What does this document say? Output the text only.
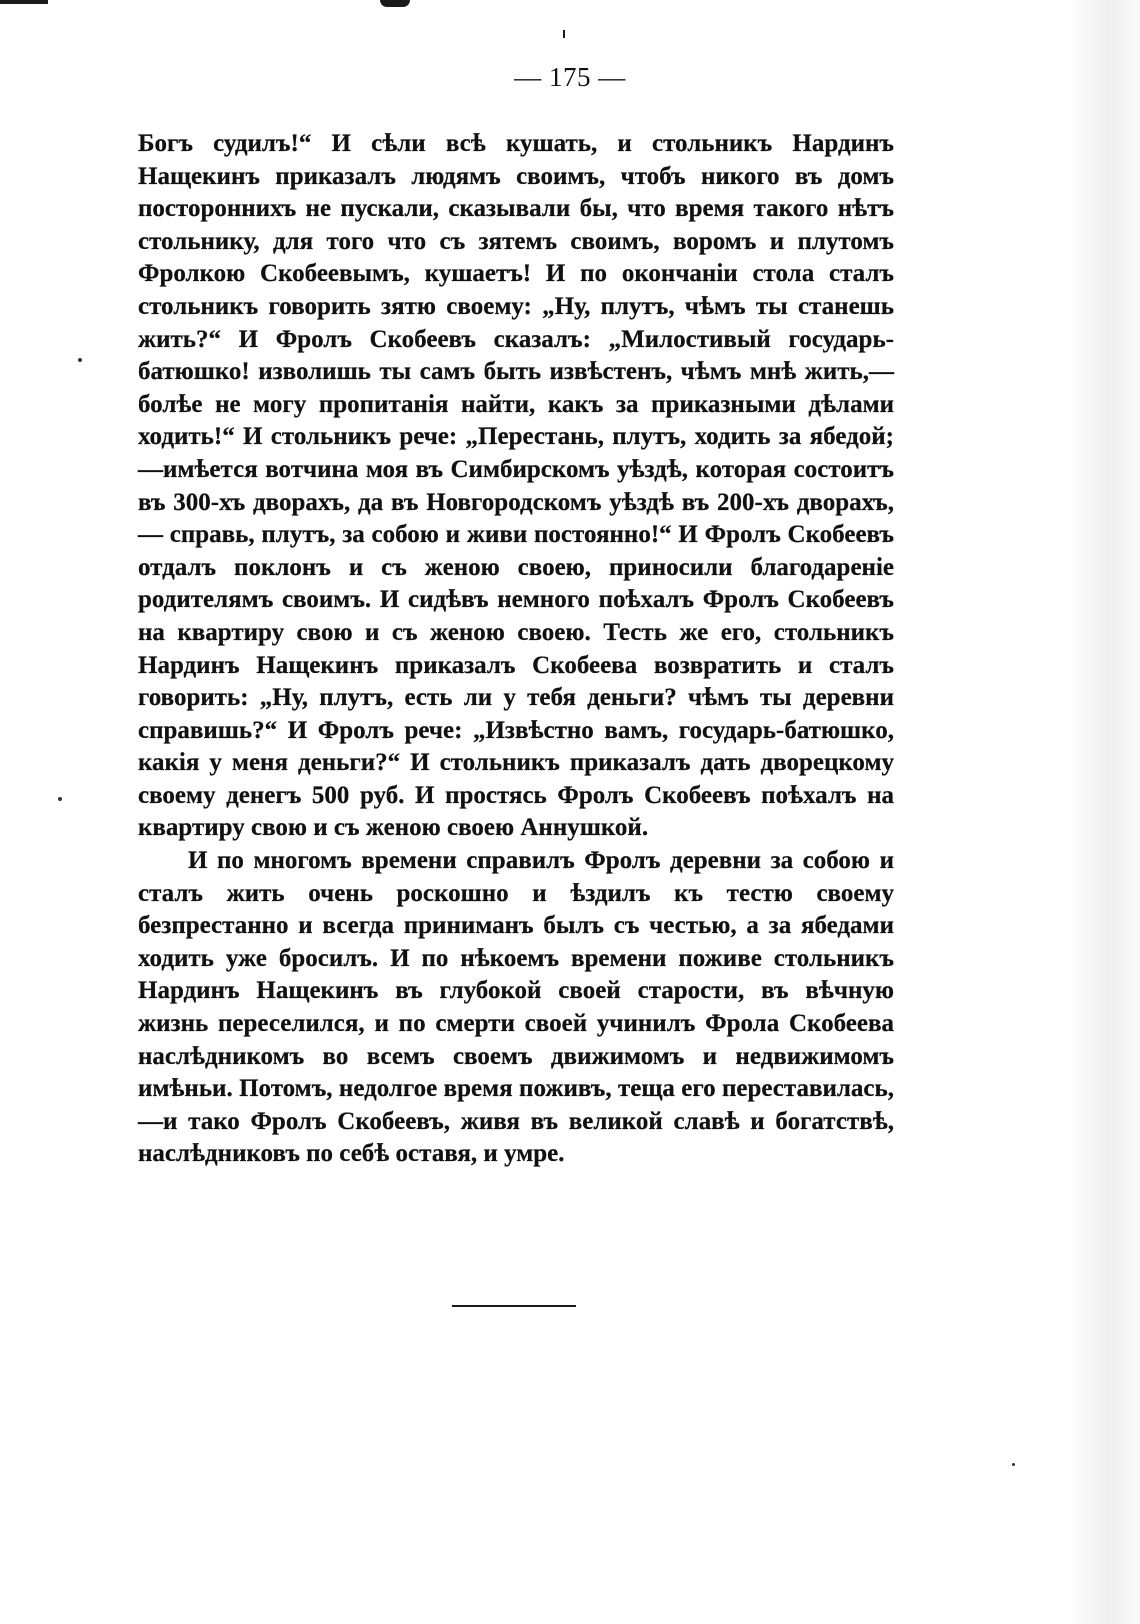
— 175 —

Богъ судилъ!“ И сѣли всѣ кушать, и стольникъ Нардинъ Нащекинъ приказалъ людямъ своимъ, чтобъ никого въ домъ постороннихъ не пускали, сказывали бы, что время такого нѣтъ стольнику, для того что съ зятемъ своимъ, воромъ и плутомъ Фролкою Скобеевымъ, кушаетъ! И по окончаніи стола сталъ стольникъ говорить зятю своему: „Ну, плутъ, чѣмъ ты станешь жить?“ И Фролъ Скобеевъ сказалъ: „Милостивый государь-батюшко! изволишь ты самъ быть извѣстенъ, чѣмъ мнѣ жить,—болѣе не могу пропитанія найти, какъ за приказными дѣлами ходить!“ И стольникъ рече: „Перестань, плутъ, ходить за ябедой;—имѣется вотчина моя въ Симбирскомъ уѣздѣ, которая состоитъ въ 300-хъ дворахъ, да въ Новгородскомъ уѣздѣ въ 200-хъ дворахъ, — справь, плутъ, за собою и живи постоянно!“ И Фролъ Скобеевъ отдалъ поклонъ и съ женою своею, приносили благодареніе родителямъ своимъ. И сидѣвъ немного поѣхалъ Фролъ Скобеевъ на квартиру свою и съ женою своею. Тесть же его, стольникъ Нардинъ Нащекинъ приказалъ Скобеева возвратить и сталъ говорить: „Ну, плутъ, есть ли у тебя деньги? чѣмъ ты деревни справишь?“ И Фролъ рече: „Извѣстно вамъ, государь-батюшко, какія у меня деньги?“ И стольникъ приказалъ дать дворецкому своему денегъ 500 руб. И простясь Фролъ Скобеевъ поѣхалъ на квартиру свою и съ женою своею Аннушкой.

И по многомъ времени справилъ Фролъ деревни за собою и сталъ жить очень роскошно и ѣздилъ къ тестю своему безпрестанно и всегда приниманъ былъ съ честью, а за ябедами ходить уже бросилъ. И по нѣкоемъ времени поживе стольникъ Нардинъ Нащекинъ въ глубокой своей старости, въ вѣчную жизнь переселился, и по смерти своей учинилъ Фрола Скобеева наслѣдникомъ во всемъ своемъ движимомъ и недвижимомъ имѣньи. Потомъ, недолгое время поживъ, теща его переставилась,—и тако Фролъ Скобеевъ, живя въ великой славѣ и богатствѣ, наслѣдниковъ по себѣ оставя, и умре.
